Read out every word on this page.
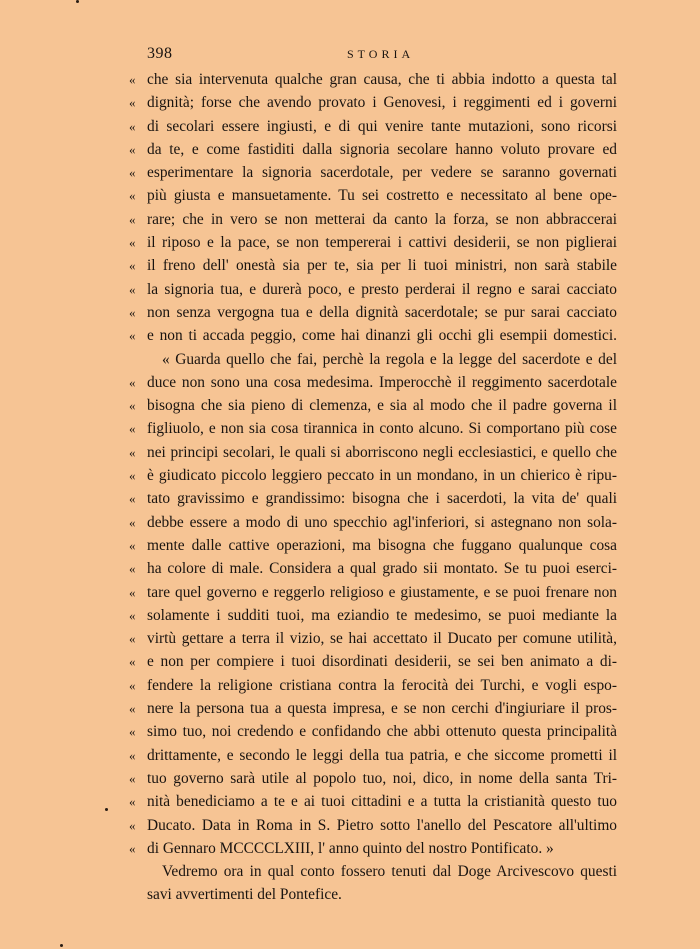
398	STORIA
« che sia intervenuta qualche gran causa, che ti abbia indotto a questa tal
« dignità; forse che avendo provato i Genovesi, i reggimenti ed i governi
« di secolari essere ingiusti, e di qui venire tante mutazioni, sono ricorsi
« da te, e come fastiditi dalla signoria secolare hanno voluto provare ed
« esperimentare la signoria sacerdotale, per vedere se saranno governati
« più giusta e mansuetamente. Tu sei costretto e necessitato al bene ope-
« rare; che in vero se non metterai da canto la forza, se non abbraccerai
« il riposo e la pace, se non tempererai i cattivi desiderii, se non piglierai
« il freno dell' onestà sia per te, sia per li tuoi ministri, non sarà stabile
« la signoria tua, e durerà poco, e presto perderai il regno e sarai cacciato
« non senza vergogna tua e della dignità sacerdotale; se pur sarai cacciato
« e non ti accada peggio, come hai dinanzi gli occhi gli esempii domestici.
« Guarda quello che fai, perchè la regola e la legge del sacerdote e del
« duce non sono una cosa medesima. Imperocchè il reggimento sacerdotale
« bisogna che sia pieno di clemenza, e sia al modo che il padre governa il
« figliuolo, e non sia cosa tirannica in conto alcuno. Si comportano più cose
« nei principi secolari, le quali si aborriscono negli ecclesiastici, e quello che
« è giudicato piccolo leggiero peccato in un mondano, in un chierico è ripu-
« tato gravissimo e grandissimo: bisogna che i sacerdoti, la vita de' quali
« debbe essere a modo di uno specchio agl'inferiori, si astegnano non sola-
« mente dalle cattive operazioni, ma bisogna che fuggano qualunque cosa
« ha colore di male. Considera a qual grado sii montato. Se tu puoi eserci-
« tare quel governo e reggerlo religioso e giustamente, e se puoi frenare non
« solamente i sudditi tuoi, ma eziandio te medesimo, se puoi mediante la
« virtù gettare a terra il vizio, se hai accettato il Ducato per comune utilità,
« e non per compiere i tuoi disordinati desiderii, se sei ben animato a di-
« fendere la religione cristiana contra la ferocità dei Turchi, e vogli espo-
« nere la persona tua a questa impresa, e se non cerchi d'ingiuriare il pros-
« simo tuo, noi credendo e confidando che abbi ottenuto questa principalità
« drittamente, e secondo le leggi della tua patria, e che siccome prometti il
« tuo governo sarà utile al popolo tuo, noi, dico, in nome della santa Tri-
« nità benediciamo a te e ai tuoi cittadini e a tutta la cristianità questo tuo
« Ducato. Data in Roma in S. Pietro sotto l'anello del Pescatore all'ultimo
« di Gennaro MCCCCLXIII, l' anno quinto del nostro Pontificato. »
Vedremo ora in qual conto fossero tenuti dal Doge Arcivescovo questi
savi avvertimenti del Pontefice.
